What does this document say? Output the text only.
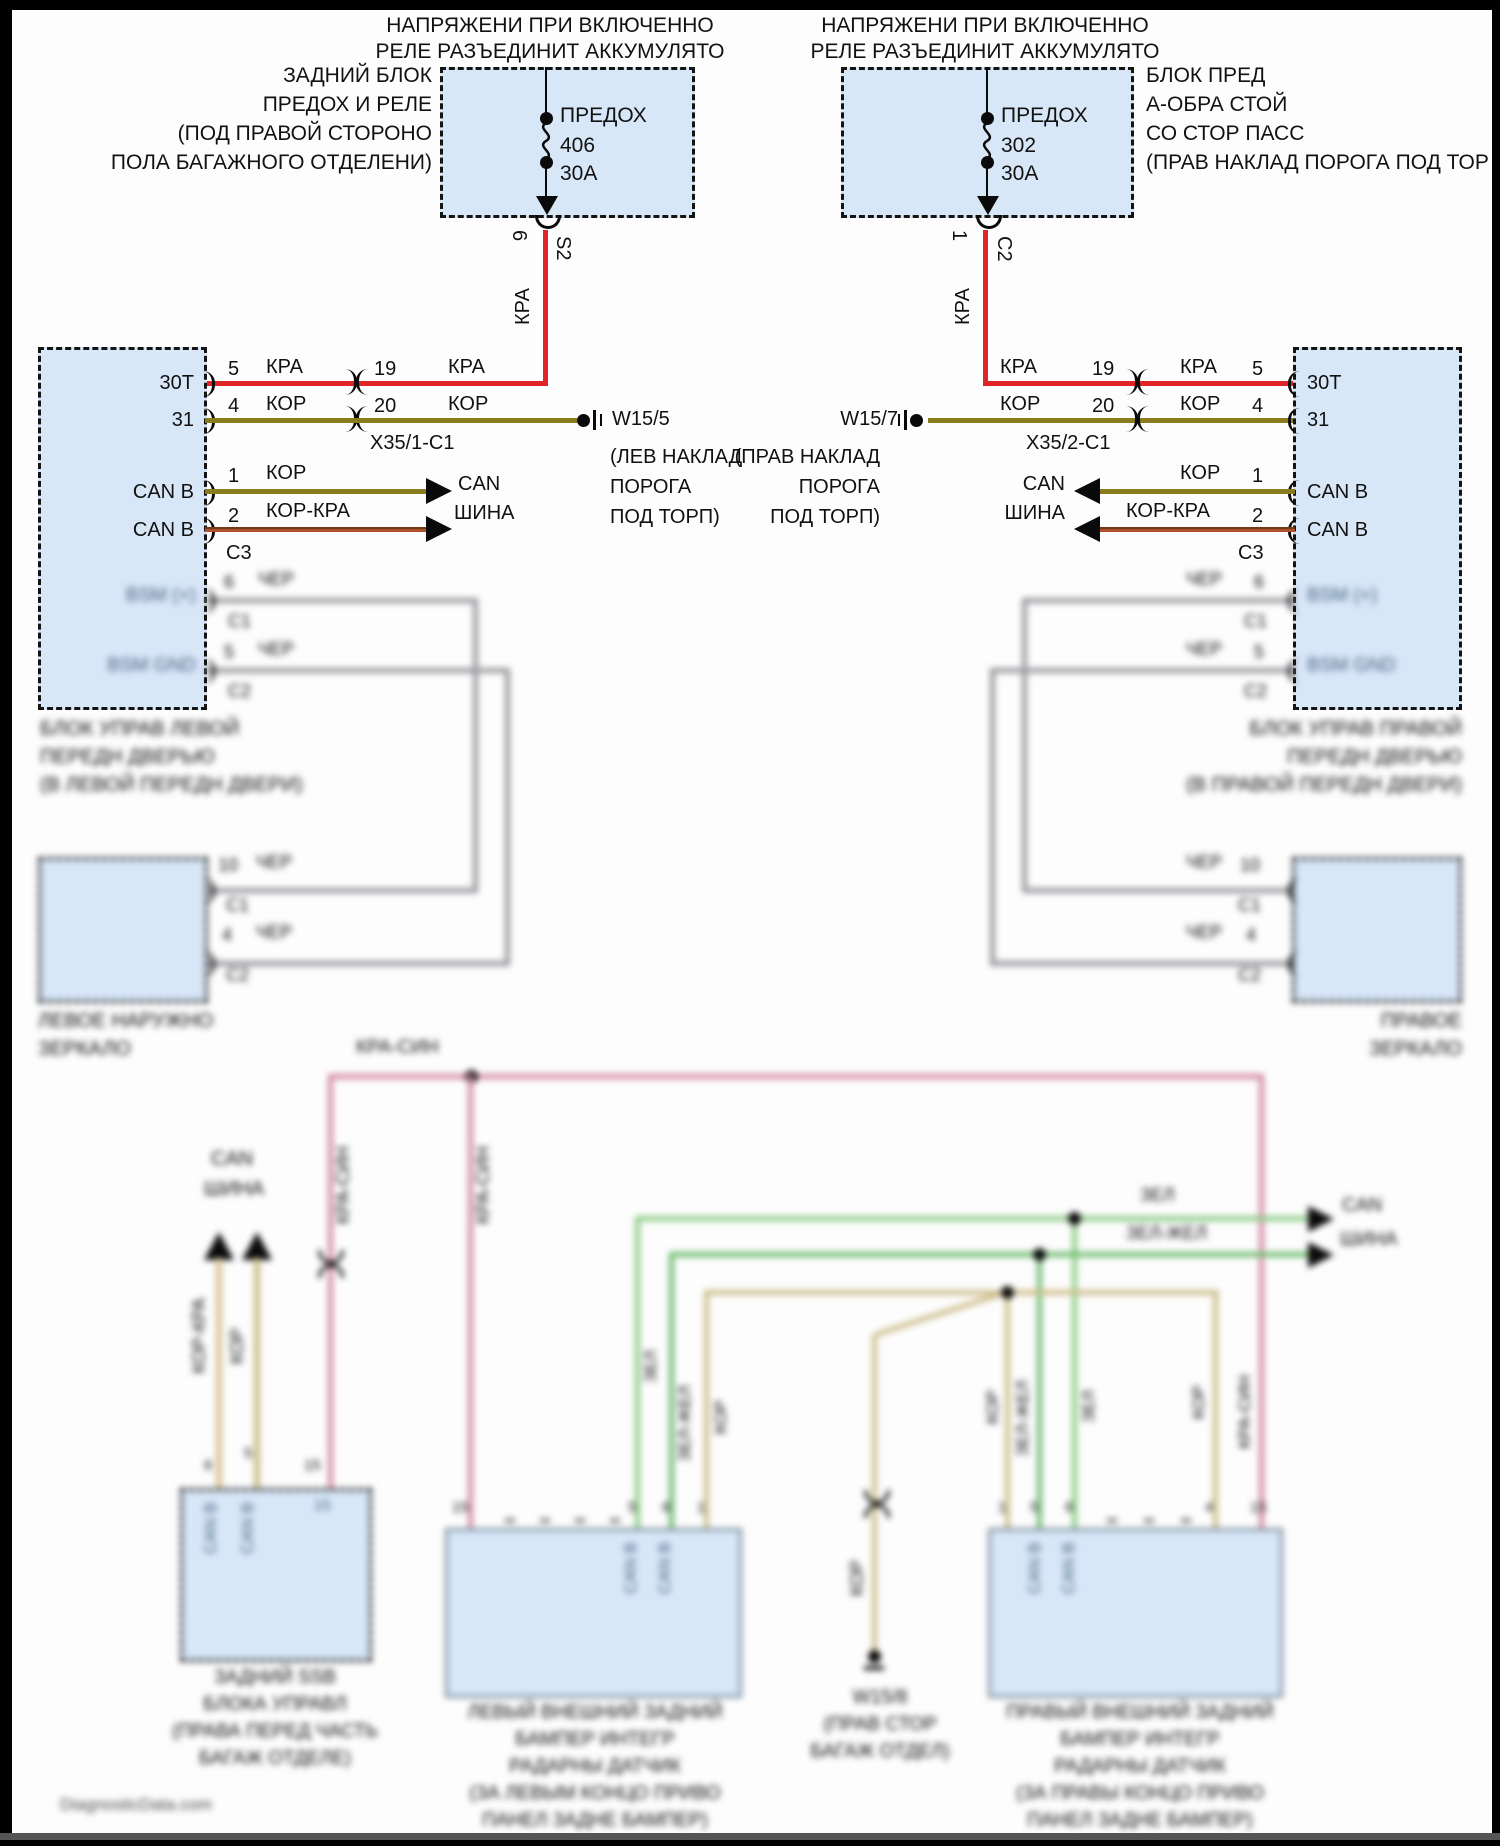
НАПРЯЖЕНИ ПРИ ВКЛЮЧЕННО
РЕЛЕ РАЗЪЕДИНИТ АККУМУЛЯТО
НАПРЯЖЕНИ ПРИ ВКЛЮЧЕННО
РЕЛЕ РАЗЪЕДИНИТ АККУМУЛЯТО
ЗАДНИЙ БЛОК
ПРЕДОХ И РЕЛЕ
(ПОД ПРАВОЙ СТОРОНО
ПОЛА БАГАЖНОГО ОТДЕЛЕНИ)
ПРЕДОХ
406
30А
6
S2
БЛОК ПРЕД
А-ОБРА СТОЙ
СО СТОР ПАСС
(ПРАВ НАКЛАД ПОРОГА ПОД ТОР
ПРЕДОХ
302
30А
1
C2
КРА	КРА
30Т
31
CAN B
CAN B
5 КРА	19	КРА
4 КОР	20	КОР
X35/1-C1
W15/5
(ЛЕВ НАКЛАД
ПОРОГА
ПОД ТОРП)
W15/7
(ПРАВ НАКЛАД
ПОРОГА
ПОД ТОРП)
1 КОР
2 КОР-КРА
CAN
ШИНА
С3
30Т
31
CAN B
CAN B
КРА	19	КРА 5
КОР	20	КОР 4
X35/2-C1
КОР 1
КОР-КРА 2
CAN
ШИНА
С3
BSM (+)
BSM GND
6 ЧЕР
C1
5 ЧЕР
C2
БЛОК УПРАВ ЛЕВОЙ
ПЕРЕДН ДВЕРЬЮ
(В ЛЕВОЙ ПЕРЕДН ДВЕРИ)
10 ЧЕР
C1
4 ЧЕР
C2
ЛЕВОЕ НАРУЖНО
ЗЕРКАЛО
BSM (+)
BSM GND
ЧЕР 6
C1
ЧЕР 5
C2
БЛОК УПРАВ ПРАВОЙ
ПЕРЕДН ДВЕРЬЮ
(В ПРАВОЙ ПЕРЕДН ДВЕРИ)
ЧЕР 10
C1
ЧЕР 4
C2
ПРАВОЕ
ЗЕРКАЛО
КРА-СИН
КРА-СИН	КРА-СИН
CAN
ШИНА
КОР-КРА КОР
6
5
15
CAN B CAN B	15
ЗАДНИЙ SSB
БЛОКА УПРАВЛ
(ПРАВА ПЕРЕД ЧАСТЬ
БАГАЖ ОТДЕЛЕ)
ЗЕЛ
ЗЕЛ-ЖЕЛ
CAN
ШИНА
КОР
W15/8
(ПРАВ СТОР
БАГАЖ ОТДЕЛ)
ЗЕЛ
ЗЕЛ-ЖЕЛ КОР	КОР ЗЕЛ-ЖЕЛ	ЗЕЛ	КОР КРА-СИН
15	5 6 1
CAN B CAN B
ЛЕВЫЙ ВНЕШНИЙ ЗАДНИЙ
БАМПЕР ИНТЕГР
РАДАРНЫ ДАТЧИК
(ЗА ЛЕВЫМ КОНЦО ПРИВО
ПАНЕЛ ЗАДНЕ БАМПЕР)
1 5 6	4 15
CAN B CAN B
ПРАВЫЙ ВНЕШНИЙ ЗАДНИЙ
БАМПЕР ИНТЕГР
РАДАРНЫ ДАТЧИК
(ЗА ПРАВЫ КОНЦО ПРИВО
ПАНЕЛ ЗАДНЕ БАМПЕР)
DiagnosticData.com
